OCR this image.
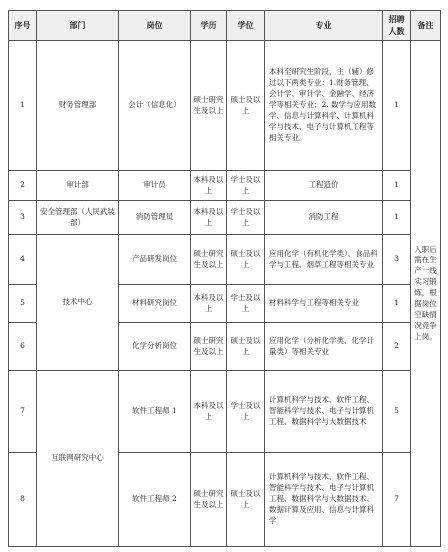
序号	部门	岗位	学历	学位	专业	招聘人数	备注
1	财务管理部	会计（信息化）	硕士研究生及以上	硕士及以上	本科至研究生阶段，主（辅）修过以下两类专业：1.财务管理、会计学、审计学、金融学、经济学等相关专业；2. 数学与应用数学、信息与计算科学、计算机科学与技术、电子与计算机工程等相关专业。	1	入职后需在生产一线实习锻炼，根据岗位空缺情况竞争上岗。
2	审计部	审计员	本科及以上	学士及以上	工程造价	1	
3	安全管理部（人民武装部）	消防管理员	本科及以上	学士及以上	消防工程	1	
4	技术中心	产品研发岗位	硕士研究生及以上	硕士及以上	应用化学（有机化学类）、食品科学与工程、烟草工程等相关专业	3	
5		材料研究岗位	本科及以上	学士及以上	材料科学与工程等相关专业	1	
6		化学分析岗位	硕士研究生及以上	硕士及以上	应用化学（分析化学类、化学计量类）等相关专业	2	
7	互联网研究中心	软件工程师 1	本科及以上	学士及以上	计算机科学与技术、软件工程、智能科学与技术、电子与计算机工程、数据科学与大数据技术	5	
8		软件工程师 2	硕士研究生及以上	硕士及以上	计算机科学与技术、软件工程、智能科学与技术、电子与计算机工程、数据科学与大数据技术、数据计算及应用、信息与计算科学	7	
